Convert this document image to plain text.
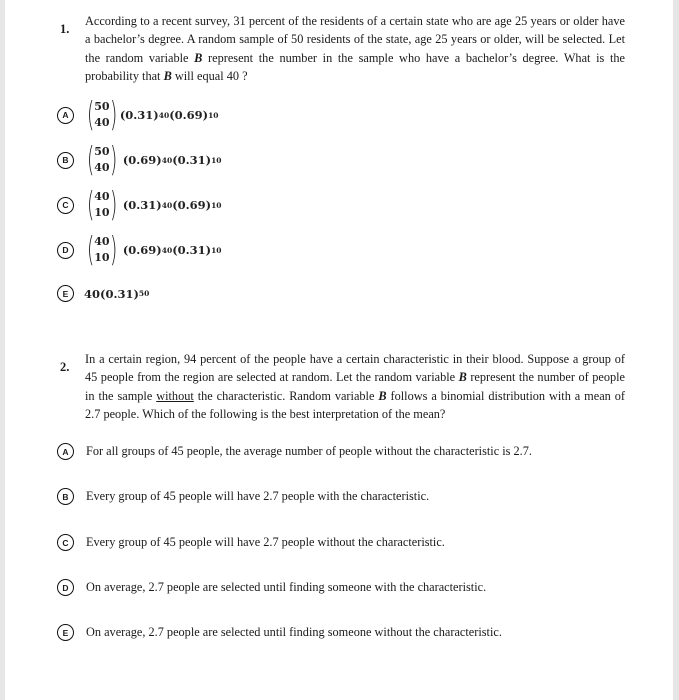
1.
According to a recent survey, 31 percent of the residents of a certain state who are age 25 years or older have a bachelor’s degree. A random sample of 50 residents of the state, age 25 years or older, will be selected. Let the random variable B represent the number in the sample who have a bachelor’s degree. What is the probability that B will equal 40 ?
A ( 50
40 ) (0.31) 40 (0.69) 10
B ( 50
40 ) (0.69) 40 (0.31) 10
C ( 40
10 ) (0.31) 40 (0.69) 10
D ( 40
10 ) (0.69) 40 (0.31) 10
E	40(0.31) 50
2.
In a certain region, 94 percent of the people have a certain characteristic in their blood. Suppose a group of 45 people from the region are selected at random. Let the random variable B represent the number of people in the sample without the characteristic. Random variable B follows a binomial distribution with a mean of 2.7 people. Which of the following is the best interpretation of the mean?
A	For all groups of 45 people, the average number of people without the characteristic is 2.7.
B	Every group of 45 people will have 2.7 people with the characteristic.
C	Every group of 45 people will have 2.7 people without the characteristic.
D	On average, 2.7 people are selected until finding someone with the characteristic.
E	On average, 2.7 people are selected until finding someone without the characteristic.
